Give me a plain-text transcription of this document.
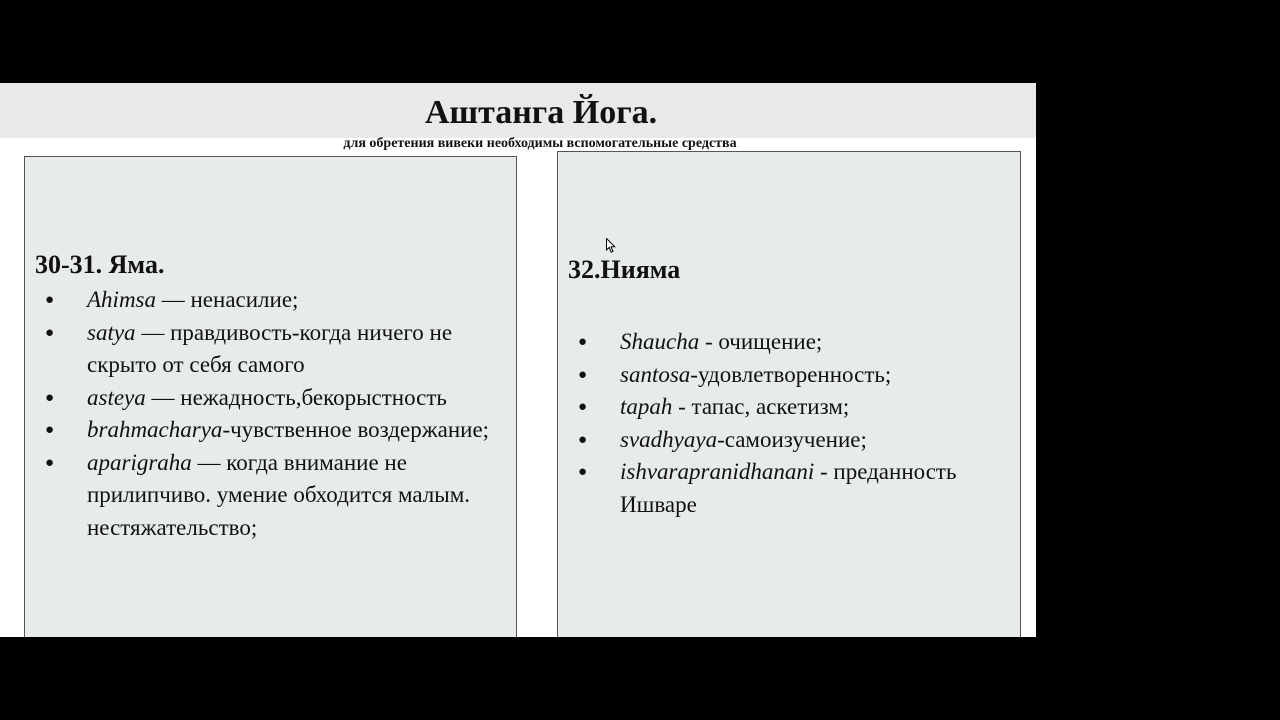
Аштанга Йога.
для обретения вивеки необходимы вспомогательные средства
30-31. Яма.
● Ahimsa — ненасилие;
● satya — правдивость-когда ничего не скрыто от себя самого
● asteya — нежадность,бекорыстность
● brahmacharya-чувственное воздержание;
● aparigraha — когда внимание не прилипчиво. умение обходится малым. нестяжательство;
32.Нияма
● Shaucha - очищение;
● santosa-удовлетворенность;
● tapah - тапас, аскетизм;
● svadhyaya-самоизучение;
● ishvarapranidhanani - преданность Ишваре
